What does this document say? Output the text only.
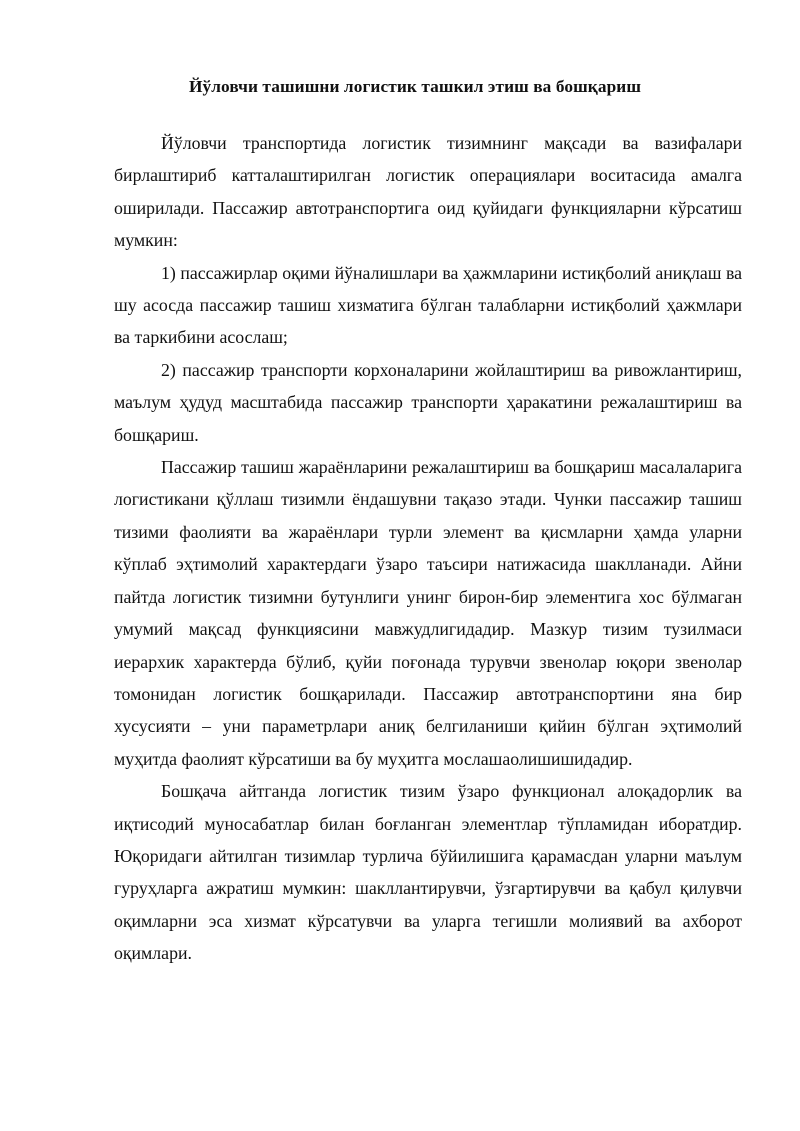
Йўловчи ташишни логистик ташкил этиш ва бошқариш

Йўловчи транспортида логистик тизимнинг мақсади ва вазифалари бирлаштириб катталаштирилган логистик операциялари воситасида амалга оширилади. Пассажир автотранспортига оид қуйидаги функцияларни кўрсатиш мумкин:

1) пассажирлар оқими йўналишлари ва ҳажмларини истиқболий аниқлаш ва шу асосда пассажир ташиш хизматига бўлган талабларни истиқболий ҳажмлари ва таркибини асослаш;

2) пассажир транспорти корхоналарини жойлаштириш ва ривожлантириш, маълум ҳудуд масштабида пассажир транспорти ҳаракатини режалаштириш ва бошқариш.

Пассажир ташиш жараёнларини режалаштириш ва бошқариш масалаларига логистикани қўллаш тизимли ёндашувни тақазо этади. Чунки пассажир ташиш тизими фаолияти ва жараёнлари турли элемент ва қисмларни ҳамда уларни кўплаб эҳтимолий характердаги ўзаро таъсири натижасида шаклланади. Айни пайтда логистик тизимни бутунлиги унинг бирон-бир элементига хос бўлмаган умумий мақсад функциясини мавжудлигидадир. Мазкур тизим тузилмаси иерархик характерда бўлиб, қуйи поғонада турувчи звенолар юқори звенолар томонидан логистик бошқарилади. Пассажир автотранспортини яна бир хусусияти – уни параметрлари аниқ белгиланиши қийин бўлган эҳтимолий муҳитда фаолият кўрсатиши ва бу муҳитга мослашаолишишидадир.

Бошқача айтганда логистик тизим ўзаро функционал алоқадорлик ва иқтисодий муносабатлар билан боғланган элементлар тўпламидан иборатдир. Юқоридаги айтилган тизимлар турлича бўйилишига қарамасдан уларни маълум гуруҳларга ажратиш мумкин: шакллантирувчи, ўзгартирувчи ва қабул қилувчи оқимларни эса хизмат кўрсатувчи ва уларга тегишли молиявий ва ахборот оқимлари.
